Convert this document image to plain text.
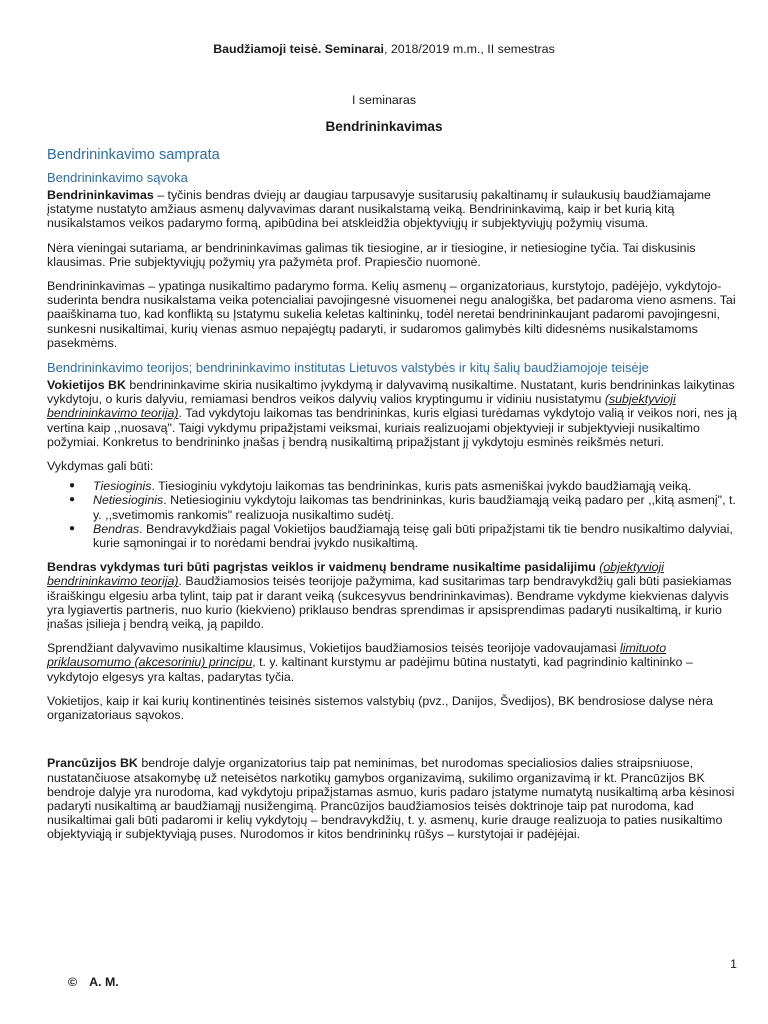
Baudžiamoji teisė. Seminarai, 2018/2019 m.m., II semestras
I seminaras
Bendrininkavimas
Bendrininkavimo samprata
Bendrininkavimo sąvoka

Bendrininkavimas – tyčinis bendras dviejų ar daugiau tarpusavyje susitarusių pakaltinamų ir sulaukusių baudžiamajame įstatyme nustatyto amžiaus asmenų dalyvavimas darant nusikalstamą veiką. Bendrininkavimą, kaip ir bet kurią kitą nusikalstamos veikos padarymo formą, apibūdina bei atskleidžia objektyviųjų ir subjektyviųjų požymių visuma.

Nėra vieningai sutariama, ar bendrininkavimas galimas tik tiesiogine, ar ir tiesiogine, ir netiesiogine tyčia. Tai diskusinis klausimas. Prie subjektyviųjų požymių yra pažymėta prof. Prapiesčio nuomonė.

Bendrininkavimas – ypatinga nusikaltimo padarymo forma. Kelių asmenų – organizatoriaus, kurstytojo, padėjėjo, vykdytojo- suderinta bendra nusikalstama veika potencialiai pavojingesnė visuomenei negu analogiška, bet padaroma vieno asmens. Tai paaiškinama tuo, kad konfliktą su Įstatymu sukelia keletas kaltininkų, todėl neretai bendrininkaujant padaromi pavojingesni, sunkesni nusikaltimai, kurių vienas asmuo nepajėgtų padaryti, ir sudaromos galimybės kilti didesnėms nusikalstamoms pasekmėms.

Bendrininkavimo teorijos; bendrininkavimo institutas Lietuvos valstybės ir kitų šalių baudžiamojoje teisėje

Vokietijos BK bendrininkavime skiria nusikaltimo įvykdymą ir dalyvavimą nusikaltime. Nustatant, kuris bendrininkas laikytinas vykdytoju, o kuris dalyviu, remiamasi bendros veikos dalyvių valios kryptingumu ir vidiniu nusistatymu (subjektyvioji bendrininkavimo teorija). Tad vykdytoju laikomas tas bendrininkas, kuris elgiasi turėdamas vykdytojo valią ir veikos nori, nes ją vertina kaip ,,nuosavą". Taigi vykdymu pripažįstami veiksmai, kuriais realizuojami objektyvieji ir subjektyvieji nusikaltimo požymiai. Konkretus to bendrininko įnašas į bendrą nusikaltimą pripažįstant jį vykdytoju esminės reikšmės neturi.

Vykdymas gali būti:

● Tiesioginis. Tiesioginiu vykdytoju laikomas tas bendrininkas, kuris pats asmeniškai įvykdo baudžiamąją veiką.
● Netiesioginis. Netiesioginiu vykdytoju laikomas tas bendrininkas, kuris baudžiamąją veiką padaro per ,,kitą asmenį", t. y. ,,svetimomis rankomis" realizuoja nusikaltimo sudėtį.
● Bendras. Bendravykdžiais pagal Vokietijos baudžiamąją teisę gali būti pripažįstami tik tie bendro nusikaltimo dalyviai, kurie sąmoningai ir to norėdami bendrai įvykdo nusikaltimą.

Bendras vykdymas turi būti pagrįstas veiklos ir vaidmenų bendrame nusikaltime pasidalijimu (objektyvioji bendrininkavimo teorija). Baudžiamosios teisės teorijoje pažymima, kad susitarimas tarp bendravykdžių gali būti pasiekiamas išraiškingu elgesiu arba tylint, taip pat ir darant veiką (sukcesyvus bendrininkavimas). Bendrame vykdyme kiekvienas dalyvis yra lygiavertis partneris, nuo kurio (kiekvieno) priklauso bendras sprendimas ir apsisprendimas padaryti nusikaltimą, ir kurio įnašas įsilieja į bendrą veiką, ją papildo.

Sprendžiant dalyvavimo nusikaltime klausimus, Vokietijos baudžiamosios teisės teorijoje vadovaujamasi limituoto priklausomumo (akcesoriniu) principu, t. y. kaltinant kurstymu ar padėjimu būtina nustatyti, kad pagrindinio kaltininko – vykdytojo elgesys yra kaltas, padarytas tyčia.

Vokietijos, kaip ir kai kurių kontinentinės teisinės sistemos valstybių (pvz., Danijos, Švedijos), BK bendrosiose dalyse nėra organizatoriaus sąvokos.

Prancūzijos BK bendroje dalyje organizatorius taip pat neminimas, bet nurodomas specialiosios dalies straipsniuose, nustatančiuose atsakomybę už neteisėtos narkotikų gamybos organizavimą, sukilimo organizavimą ir kt. Prancūzijos BK bendroje dalyje yra nurodoma, kad vykdytoju pripažįstamas asmuo, kuris padaro įstatyme numatytą nusikaltimą arba kėsinosi padaryti nusikaltimą ar baudžiamąjį nusižengimą. Prancūzijos baudžiamosios teisės doktrinoje taip pat nurodoma, kad nusikaltimai gali būti padaromi ir kelių vykdytojų – bendravykdžių, t. y. asmenų, kurie drauge realizuoja to paties nusikaltimo objektyviąją ir subjektyviąją puses. Nurodomos ir kitos bendrininkų rūšys – kurstytojai ir padėjėjai.

1
© A. M.
